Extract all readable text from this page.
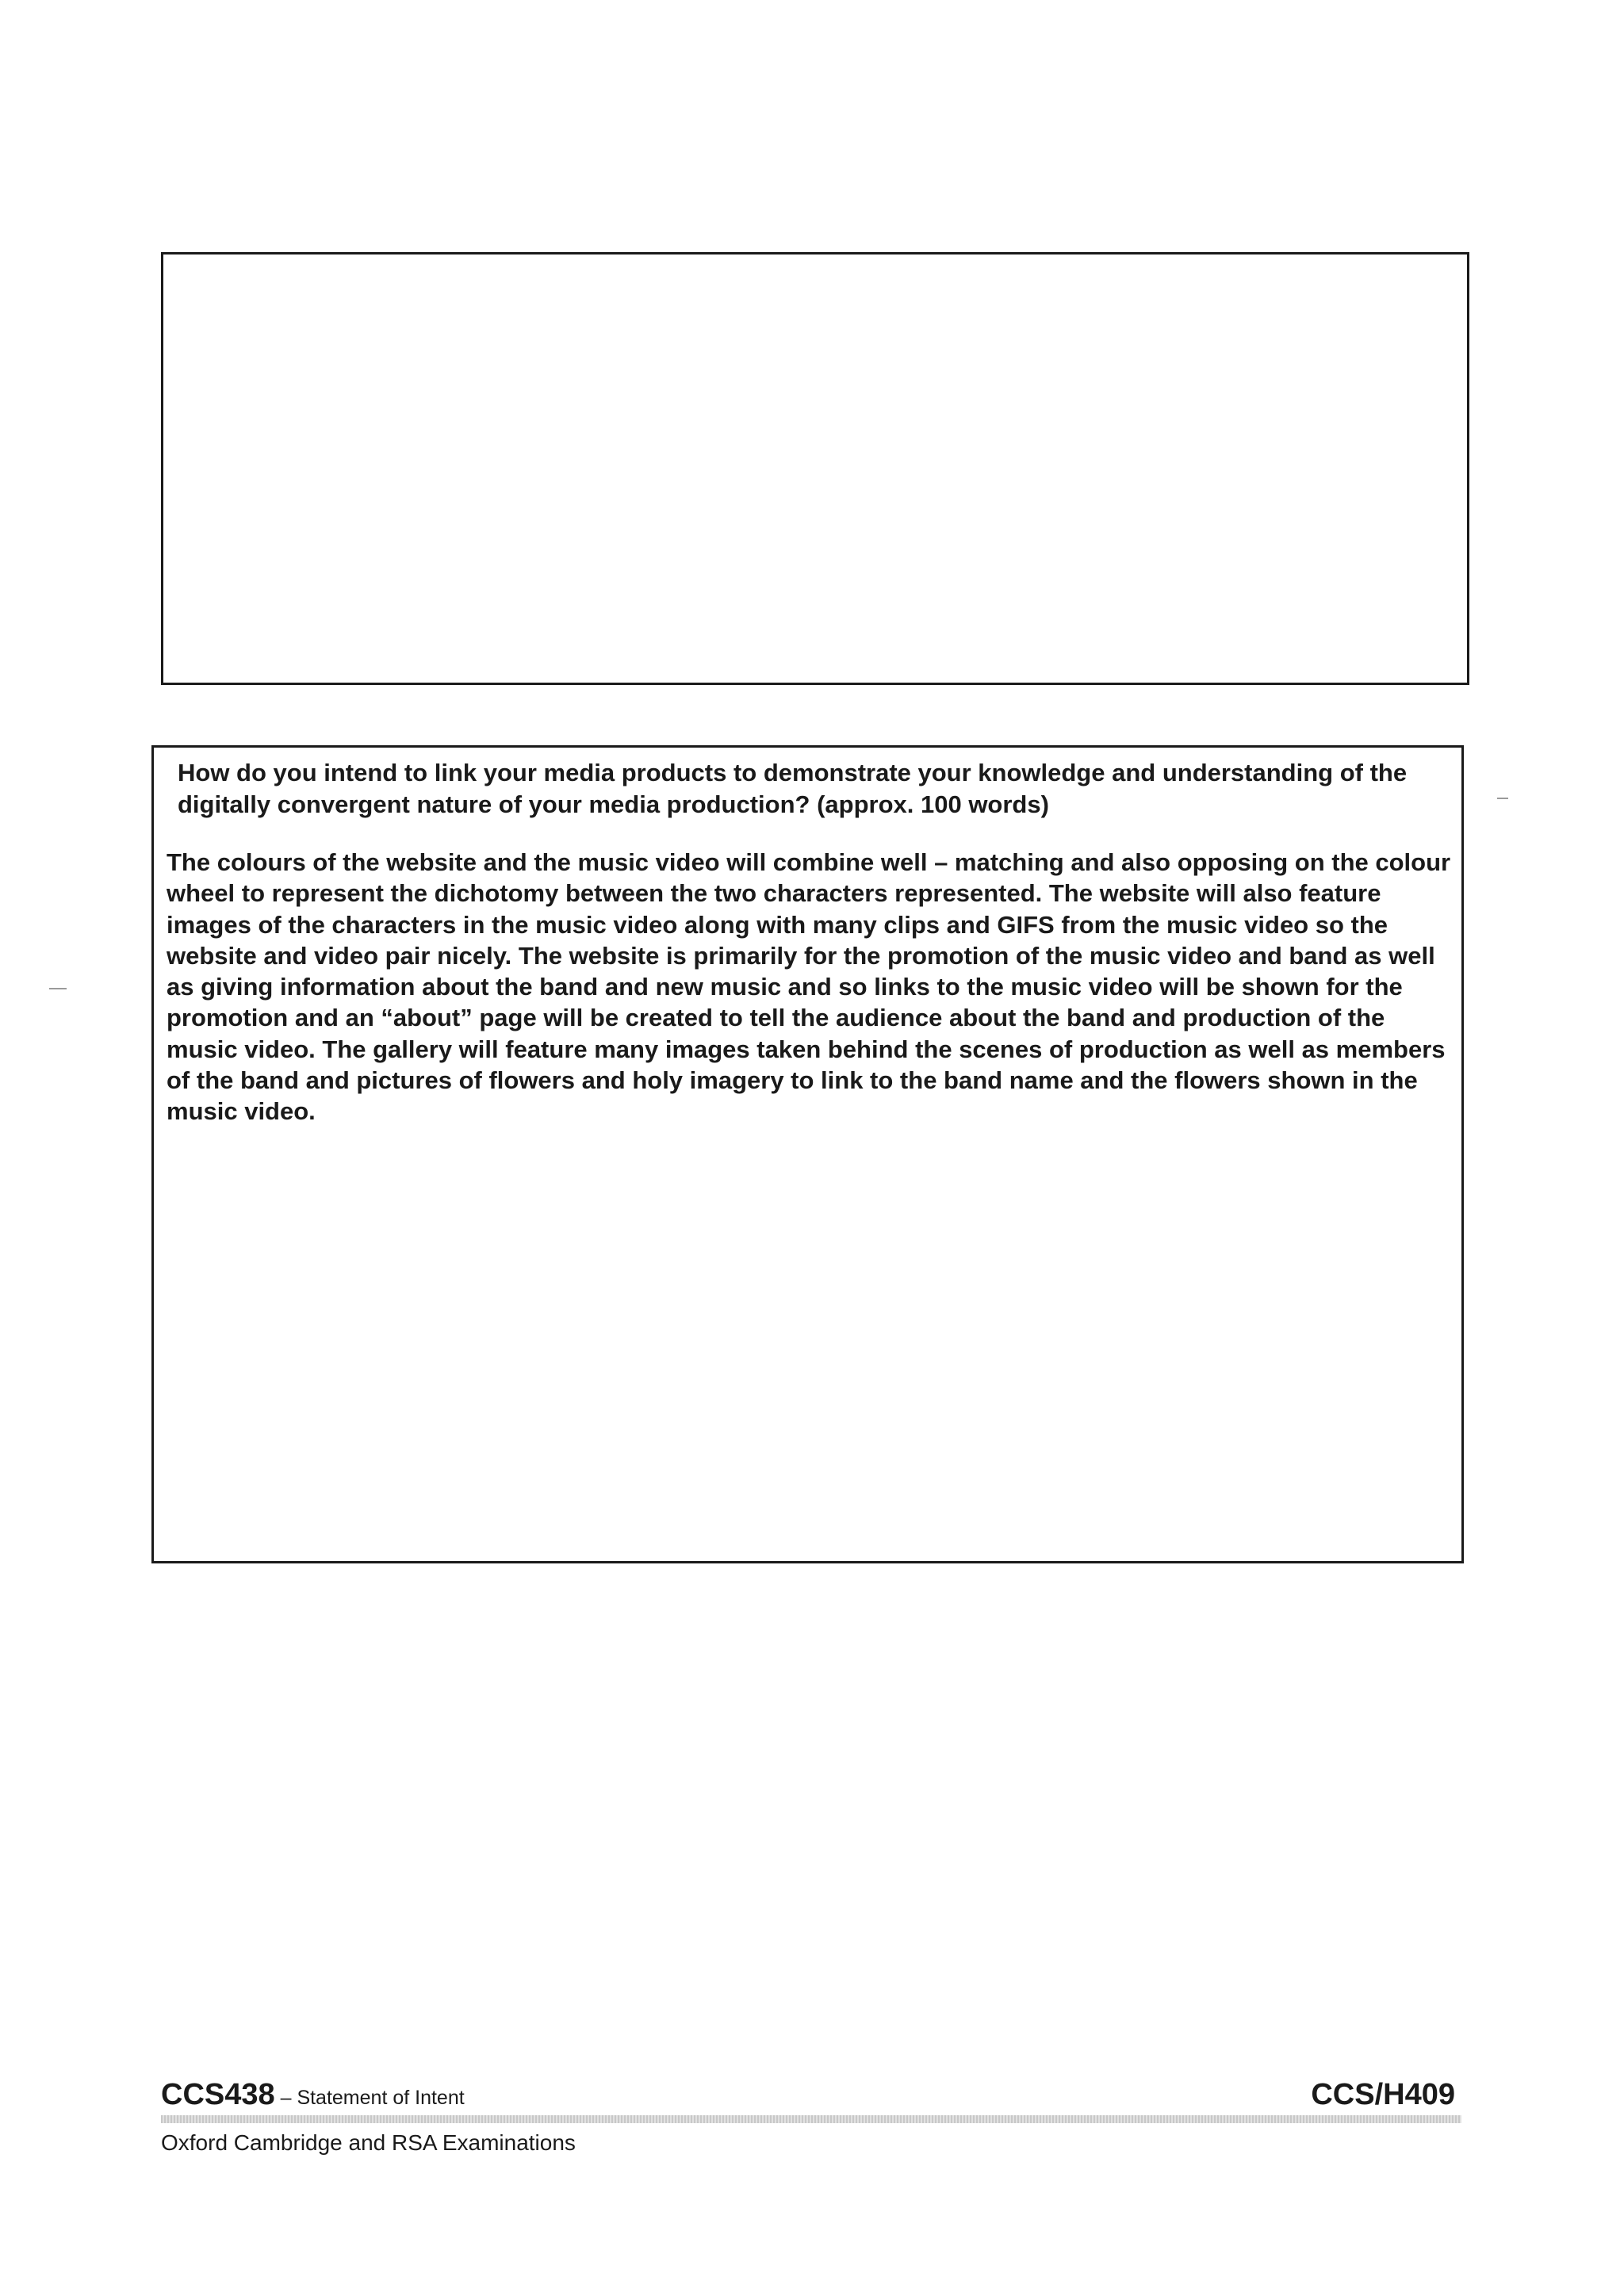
How do you intend to link your media products to demonstrate your knowledge and understanding of the digitally convergent nature of your media production? (approx. 100 words)

The colours of the website and the music video will combine well – matching and also opposing on the colour wheel to represent the dichotomy between the two characters represented. The website will also feature images of the characters in the music video along with many clips and GIFS from the music video so the website and video pair nicely. The website is primarily for the promotion of the music video and band as well as giving information about the band and new music and so links to the music video will be shown for the promotion and an “about” page will be created to tell the audience about the band and production of the music video. The gallery will feature many images taken behind the scenes of production as well as members of the band and pictures of flowers and holy imagery to link to the band name and the flowers shown in the music video.

CCS438 – Statement of Intent	CCS/H409
Oxford Cambridge and RSA Examinations
